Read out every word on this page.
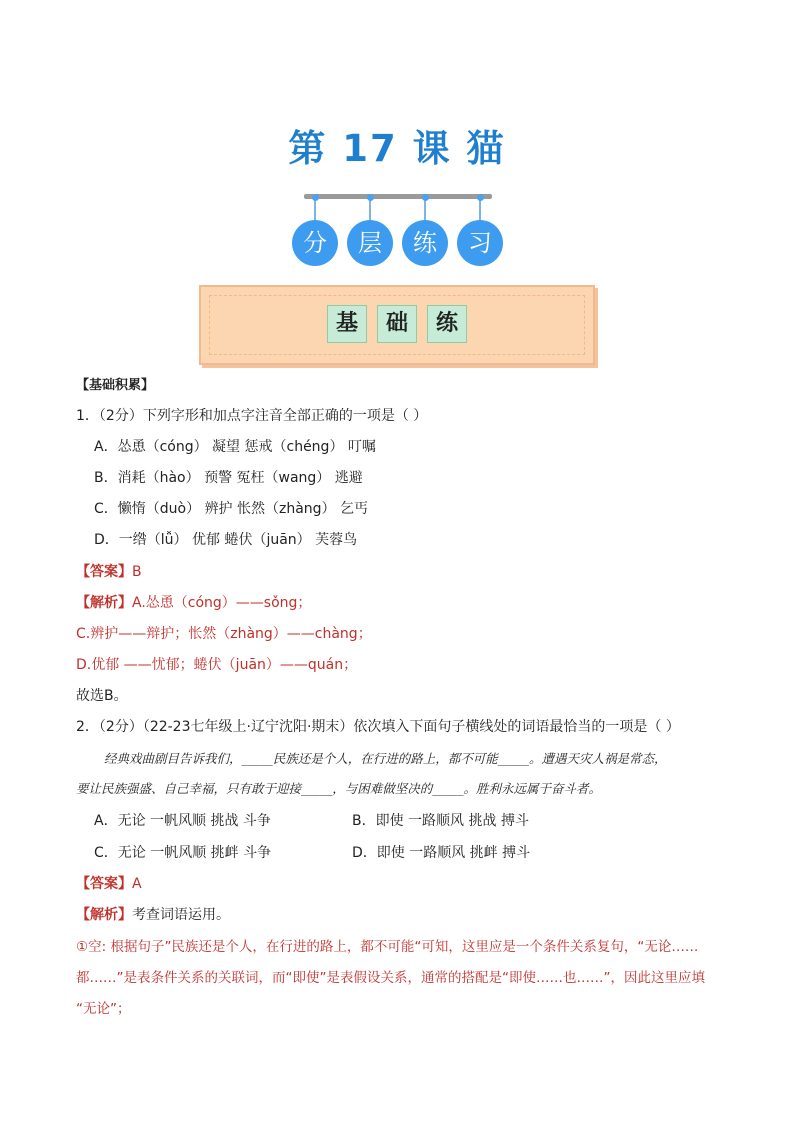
第 17 课 猫
分	层	练	习
基 础 练
【基础积累】
1．（2分）下列字形和加点字注音全部正确的一项是（ ）
A．怂恿（cóng） 凝望 惩戒（chéng） 叮嘱
B．消耗（hào） 预警 冤枉（wang） 逃避
C．懒惰（duò） 辨护 怅然（zhàng） 乞丐
D．一绺（lǚ） 优郁 蜷伏（juān） 芙蓉鸟
【答案】B
【解析】A.怂恿（cóng）——sǒng；
C.辨护——辩护；怅然（zhàng）——chàng；
D.优郁 ——忧郁；蜷伏（juān）——quán；
故选B。
2．（2分）（22-23七年级上·辽宁沈阳·期末）依次填入下面句子横线处的词语最恰当的一项是（ ）
经典戏曲剧目告诉我们，_____民族还是个人，在行进的路上，都不可能_____。遭遇天灾人祸是常态，
要让民族强盛、自己幸福，只有敢于迎接_____，与困难做坚决的_____。胜利永远属于奋斗者。
A．无论 一帆风顺 挑战 斗争	B．即使 一路顺风 挑战 搏斗
C．无论 一帆风顺 挑衅 斗争	D．即使 一路顺风 挑衅 搏斗
【答案】A
【解析】考查词语运用。
①空: 根据句子”民族还是个人，在行进的路上，都不可能“可知，这里应是一个条件关系复句，“无论……
都……”是表条件关系的关联词，而“即使”是表假设关系，通常的搭配是“即使……也……”，因此这里应填
“无论”；
